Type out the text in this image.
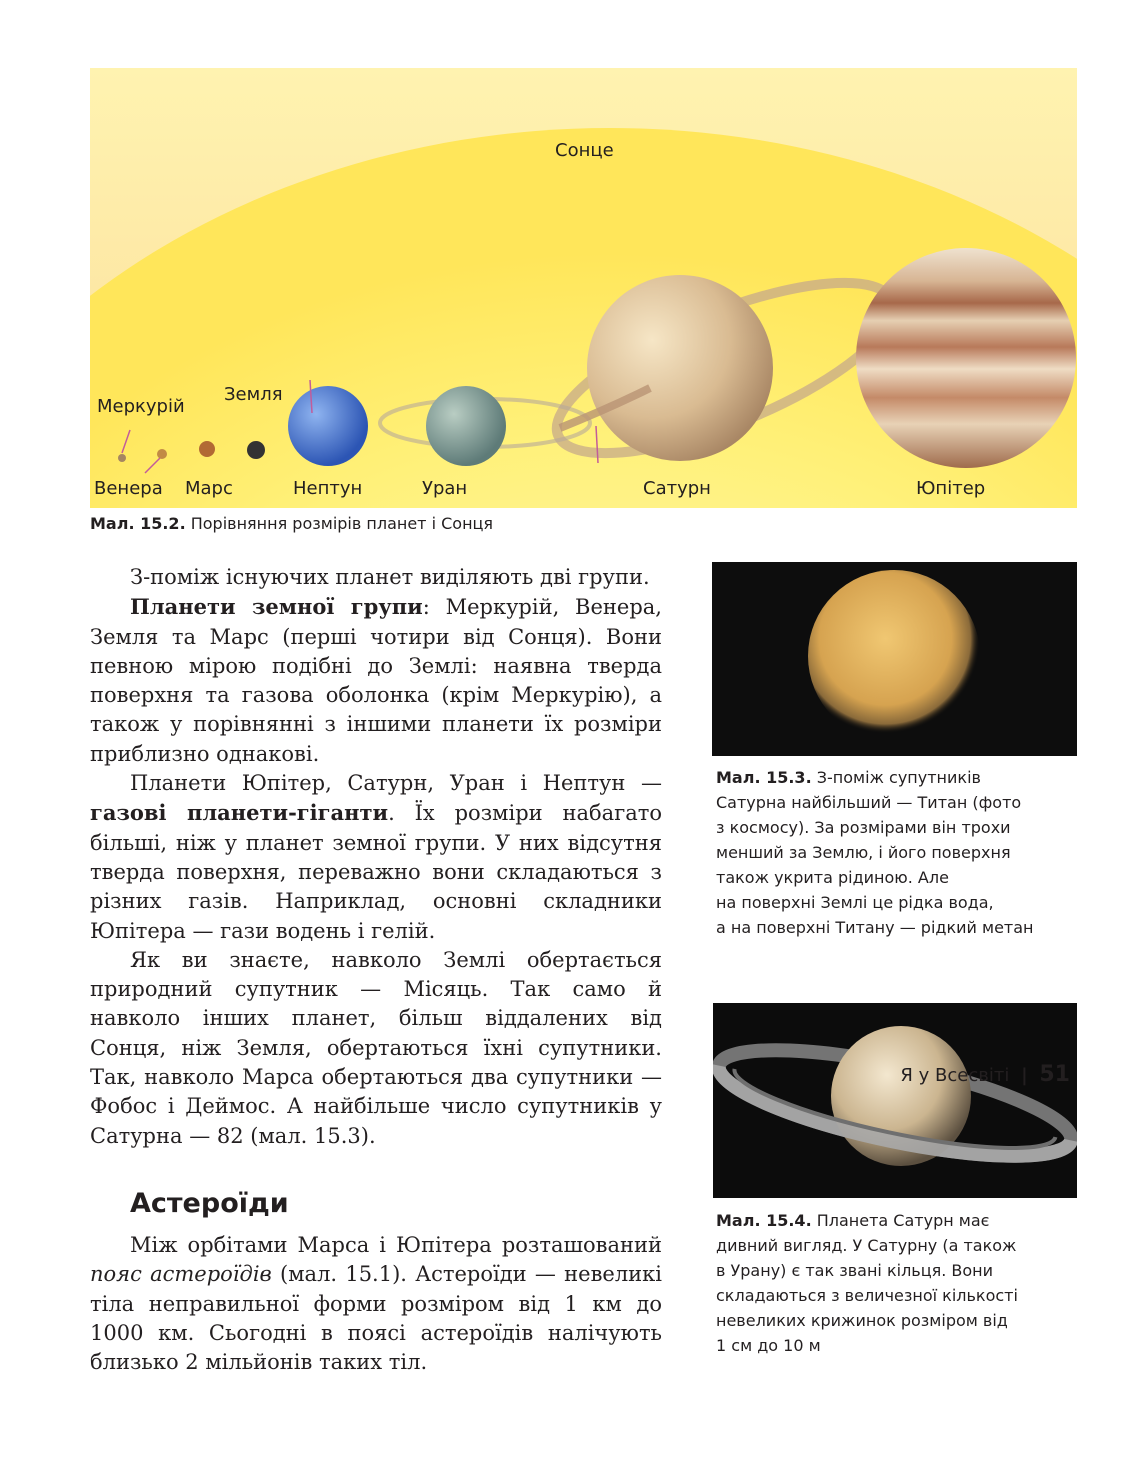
Сонце
Меркурій
Земля
Венера Марс	Нептун	Уран	Сатурн	Юпітер
Мал. 15.2. Порівняння розмірів планет і Сонця

З-поміж існуючих планет виділяють дві групи.

Планети земної групи: Меркурій, Венера, Земля та Марс (перші чотири від Сонця). Вони певною мірою подібні до Землі: наявна тверда поверхня та газова оболонка (крім Меркурію), а також у порівнянні з іншими планети їх розміри приблизно однакові.

Планети Юпітер, Сатурн, Уран і Нептун — газові планети-гіганти. Їх розміри набагато більші, ніж у планет земної групи. У них відсутня тверда поверхня, переважно вони складаються з різних газів. Наприклад, основні складники Юпітера — гази водень і гелій.

Як ви знаєте, навколо Землі обертається природний супутник — Місяць. Так само й навколо інших планет, більш віддалених від Сонця, ніж Земля, обертаються їхні супутники. Так, навколо Марса обертаються два супутники — Фобос і Деймос. А найбільше число супутників у Сатурна — 82 (мал. 15.3).

Астероїди

Між орбітами Марса і Юпітера розташований пояс астероїдів (мал. 15.1). Астероїди — невеликі тіла неправильної форми розміром від 1 км до 1000 км. Сьогодні в поясі астероїдів налічують близько 2 мільйонів таких тіл.

Мал. 15.3. З-поміж супутників
Сатурна найбільший — Титан (фото
з космосу). За розмірами він трохи
менший за Землю, і його поверхня
також укрита рідиною. Але
на поверхні Землі це рідка вода,
а на поверхні Титану — рідкий метан
Мал. 15.4. Планета Сатурн має
дивний вигляд. У Сатурну (а також
в Урану) є так звані кільця. Вони
складаються з величезної кількості
невеликих крижинок розміром від
1 см до 10 м
Я у Всесвіті | 51
